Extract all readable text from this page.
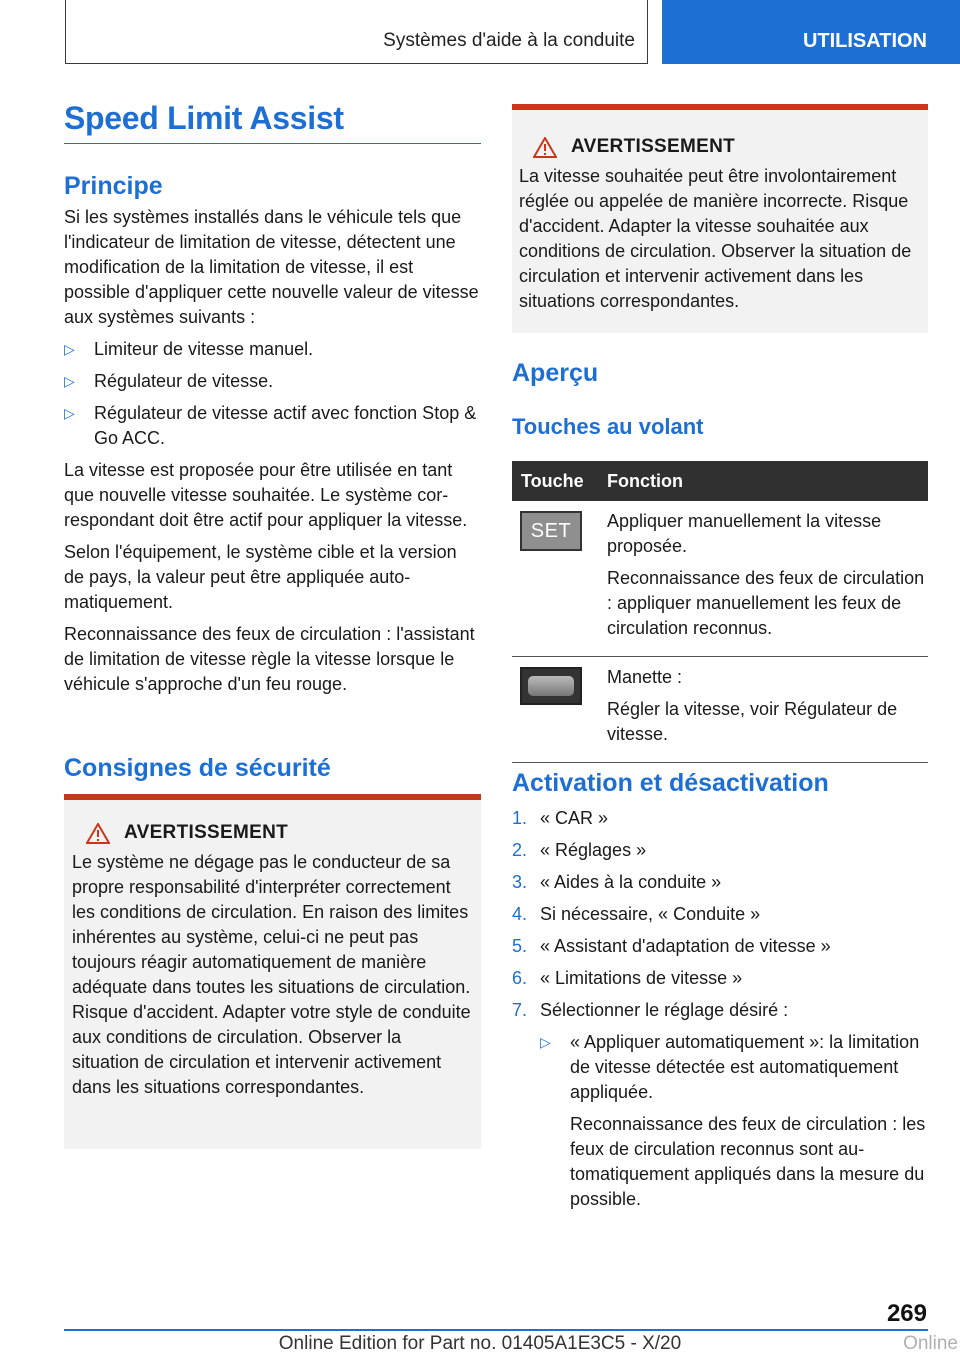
Systèmes d'aide à la conduite	UTILISATION
Speed Limit Assist
Principe

Si les systèmes installés dans le véhicule tels que l'indicateur de limitation de vitesse, détectent une modification de la limitation de vitesse, il est possible d'appliquer cette nouvelle valeur de vitesse aux systèmes suivants :

▷ Limiteur de vitesse manuel.
▷ Régulateur de vitesse.
▷ Régulateur de vitesse actif avec fonction Stop & Go ACC.

La vitesse est proposée pour être utilisée en tant que nouvelle vitesse souhaitée. Le système correspondant doit être actif pour appliquer la vitesse.

Selon l'équipement, le système cible et la version de pays, la valeur peut être appliquée automatiquement.

Reconnaissance des feux de circulation : l'assistant de limitation de vitesse règle la vitesse lorsque le véhicule s'approche d'un feu rouge.

Consignes de sécurité
AVERTISSEMENT

Le système ne dégage pas le conducteur de sa propre responsabilité d'interpréter correctement les conditions de circulation. En raison des limites inhérentes au système, celui-ci ne peut pas toujours réagir automatiquement de manière adéquate dans toutes les situations de circulation. Risque d'accident. Adapter votre style de conduite aux conditions de circulation. Observer la situation de circulation et intervenir activement dans les situations correspondantes.

AVERTISSEMENT

La vitesse souhaitée peut être involontairement réglée ou appelée de manière incorrecte. Risque d'accident. Adapter la vitesse souhaitée aux conditions de circulation. Observer la situation de circulation et intervenir activement dans les situations correspondantes.

Aperçu
Touches au volant
Touche	Fonction

SET	Appliquer manuellement la vitesse proposée.

Reconnaissance des feux de circulation : appliquer manuellement les feux de circulation reconnus.

	Manette :

Régler la vitesse, voir Régulateur de vitesse.

Activation et désactivation
1. « CAR »
2. « Réglages »
3. « Aides à la conduite »
4. Si nécessaire, « Conduite »
5. « Assistant d'adaptation de vitesse »
6. « Limitations de vitesse »
7. Sélectionner le réglage désiré :
▷ « Appliquer automatiquement »: la limitation de vitesse détectée est automatiquement appliquée.

Reconnaissance des feux de circulation : les feux de circulation reconnus sont automatiquement appliqués dans la mesure du possible.

269
Online Edition for Part no. 01405A1E3C5 - X/20	Online
